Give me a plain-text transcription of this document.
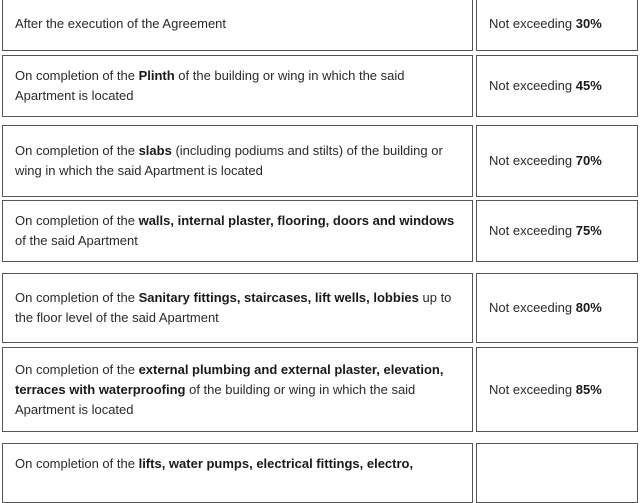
After the execution of the Agreement	Not exceeding 30%
On completion of the Plinth of the building or wing in which the said Apartment is located
Not exceeding 45%
On completion of the slabs (including podiums and stilts) of the building or wing in which the said Apartment is located
Not exceeding 70%
On completion of the walls, internal plaster, flooring, doors and windows of the said Apartment
Not exceeding 75%
On completion of the Sanitary fittings, staircases, lift wells, lobbies up to the floor level of the said Apartment
Not exceeding 80%
On completion of the external plumbing and external plaster, elevation, terraces with waterproofing of the building or wing in which the said Apartment is located
Not exceeding 85%
On completion of the lifts, water pumps, electrical fittings, electro,
